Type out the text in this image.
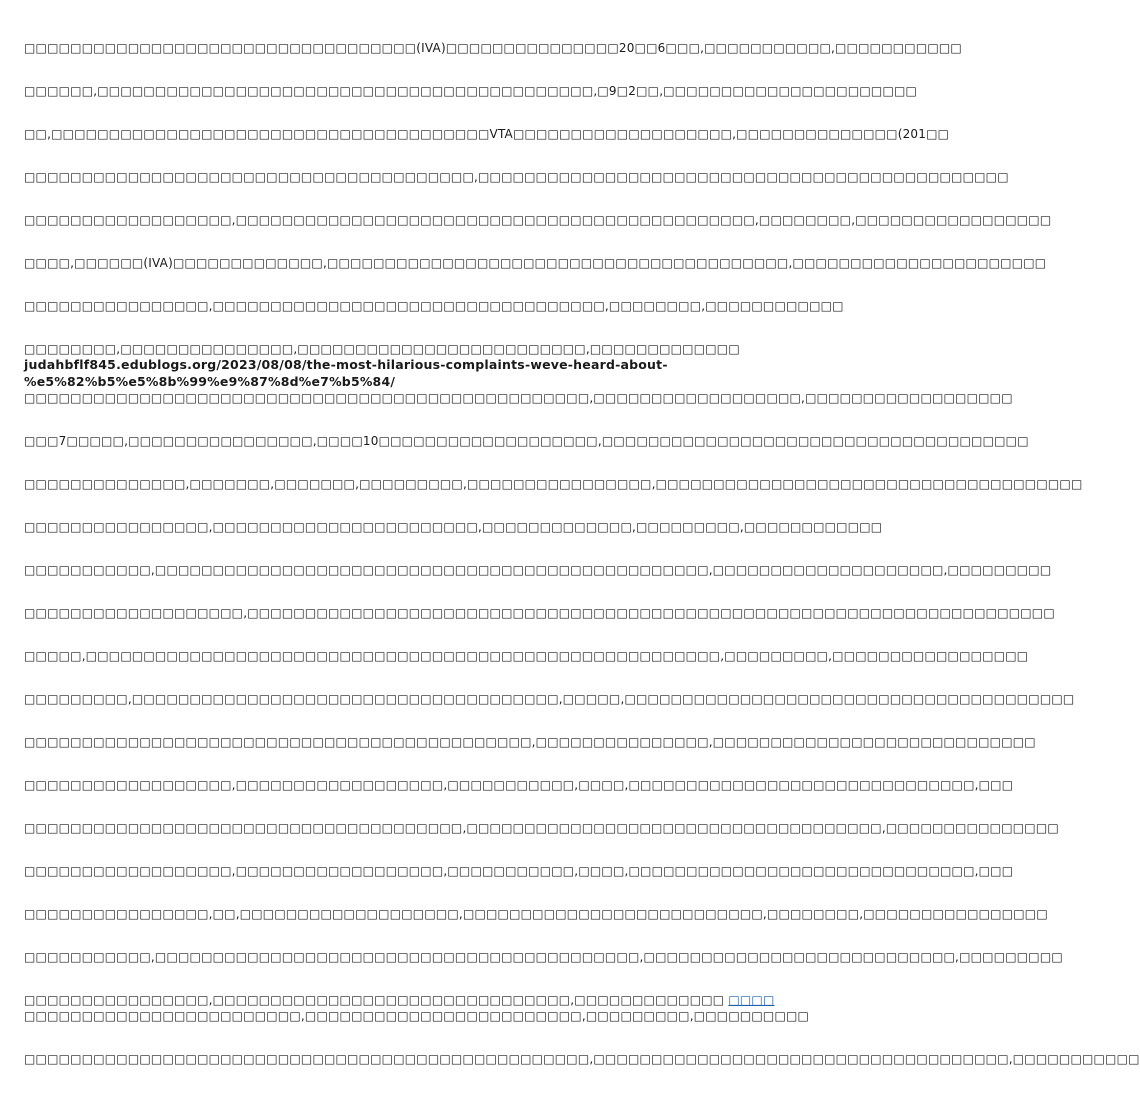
□□□□□□□□□□□□□□□□□□□□□□□□□□□□□□□□□□(IVA)□□□□□□□□□□□□□□□20□□6□□□,□□□□□□□□□□□,□□□□□□□□□□□

□□□□□□,□□□□□□□□□□□□□□□□□□□□□□□□□□□□□□□□□□□□□□□□□□□,□9□2□□,□□□□□□□□□□□□□□□□□□□□□□

□□,□□□□□□□□□□□□□□□□□□□□□□□□□□□□□□□□□□□□□□VTA□□□□□□□□□□□□□□□□□□□,□□□□□□□□□□□□□□(201□□

□□□□□□□□□□□□□□□□□□□□□□□□□□□□□□□□□□□□□□□,□□□□□□□□□□□□□□□□□□□□□□□□□□□□□□□□□□□□□□□□□□□□□□

□□□□□□□□□□□□□□□□□□,□□□□□□□□□□□□□□□□□□□□□□□□□□□□□□□□□□□□□□□□□□□□□,□□□□□□□□,□□□□□□□□□□□□□□□□□

□□□□,□□□□□□(IVA)□□□□□□□□□□□□□,□□□□□□□□□□□□□□□□□□□□□□□□□□□□□□□□□□□□□□□□,□□□□□□□□□□□□□□□□□□□□□□

□□□□□□□□□□□□□□□□,□□□□□□□□□□□□□□□□□□□□□□□□□□□□□□□□□□,□□□□□□□□,□□□□□□□□□□□□

□□□□□□□□,□□□□□□□□□□□□□□□,□□□□□□□□□□□□□□□□□□□□□□□□□,□□□□□□□□□□□□□
judahbflf845.edublogs.org/2023/08/08/the-most-hilarious-complaints-weve-heard-about-
%e5%82%b5%e5%8b%99%e9%87%8d%e7%b5%84/
□□□□□□□□□□□□□□□□□□□□□□□□□□□□□□□□□□□□□□□□□□□□□□□□□,□□□□□□□□□□□□□□□□□□,□□□□□□□□□□□□□□□□□□

□□□7□□□□□,□□□□□□□□□□□□□□□□,□□□□10□□□□□□□□□□□□□□□□□□□,□□□□□□□□□□□□□□□□□□□□□□□□□□□□□□□□□□□□□

□□□□□□□□□□□□□□,□□□□□□□,□□□□□□□,□□□□□□□□□,□□□□□□□□□□□□□□□□,□□□□□□□□□□□□□□□□□□□□□□□□□□□□□□□□□□□□□

□□□□□□□□□□□□□□□□,□□□□□□□□□□□□□□□□□□□□□□□,□□□□□□□□□□□□□,□□□□□□□□□,□□□□□□□□□□□□

□□□□□□□□□□□,□□□□□□□□□□□□□□□□□□□□□□□□□□□□□□□□□□□□□□□□□□□□□□□□,□□□□□□□□□□□□□□□□□□□□,□□□□□□□□□

□□□□□□□□□□□□□□□□□□□,□□□□□□□□□□□□□□□□□□□□□□□□□□□□□□□□□□□□□□□□□□□□□□□□□□□□□□□□□□□□□□□□□□□□□□

□□□□□,□□□□□□□□□□□□□□□□□□□□□□□□□□□□□□□□□□□□□□□□□□□□□□□□□□□□□□□,□□□□□□□□□,□□□□□□□□□□□□□□□□□

□□□□□□□□□,□□□□□□□□□□□□□□□□□□□□□□□□□□□□□□□□□□□□□,□□□□□,□□□□□□□□□□□□□□□□□□□□□□□□□□□□□□□□□□□□□□□

□□□□□□□□□□□□□□□□□□□□□□□□□□□□□□□□□□□□□□□□□□□□,□□□□□□□□□□□□□□□,□□□□□□□□□□□□□□□□□□□□□□□□□□□□

□□□□□□□□□□□□□□□□□□,□□□□□□□□□□□□□□□□□□,□□□□□□□□□□□,□□□□,□□□□□□□□□□□□□□□□□□□□□□□□□□□□□□,□□□

□□□□□□□□□□□□□□□□□□□□□□□□□□□□□□□□□□□□□□,□□□□□□□□□□□□□□□□□□□□□□□□□□□□□□□□□□□□,□□□□□□□□□□□□□□□

□□□□□□□□□□□□□□□□□□,□□□□□□□□□□□□□□□□□□,□□□□□□□□□□□,□□□□,□□□□□□□□□□□□□□□□□□□□□□□□□□□□□□,□□□

□□□□□□□□□□□□□□□□,□□,□□□□□□□□□□□□□□□□□□□,□□□□□□□□□□□□□□□□□□□□□□□□□□,□□□□□□□□,□□□□□□□□□□□□□□□□

□□□□□□□□□□□,□□□□□□□□□□□□□□□□□□□□□□□□□□□□□□□□□□□□□□□□□□,□□□□□□□□□□□□□□□□□□□□□□□□□□□,□□□□□□□□□

□□□□□□□□□□□□□□□□,□□□□□□□□□□□□□□□□□□□□□□□□□□□□□□□,□□□□□□□□□□□□□ □□□□
□□□□□□□□□□□□□□□□□□□□□□□□,□□□□□□□□□□□□□□□□□□□□□□□□,□□□□□□□□□,□□□□□□□□□□

□□□□□□□□□□□□□□□□□□□□□□□□□□□□□□□□□□□□□□□□□□□□□□□□□,□□□□□□□□□□□□□□□□□□□□□□□□□□□□□□□□□□□□,□□□□□□□□□□□
